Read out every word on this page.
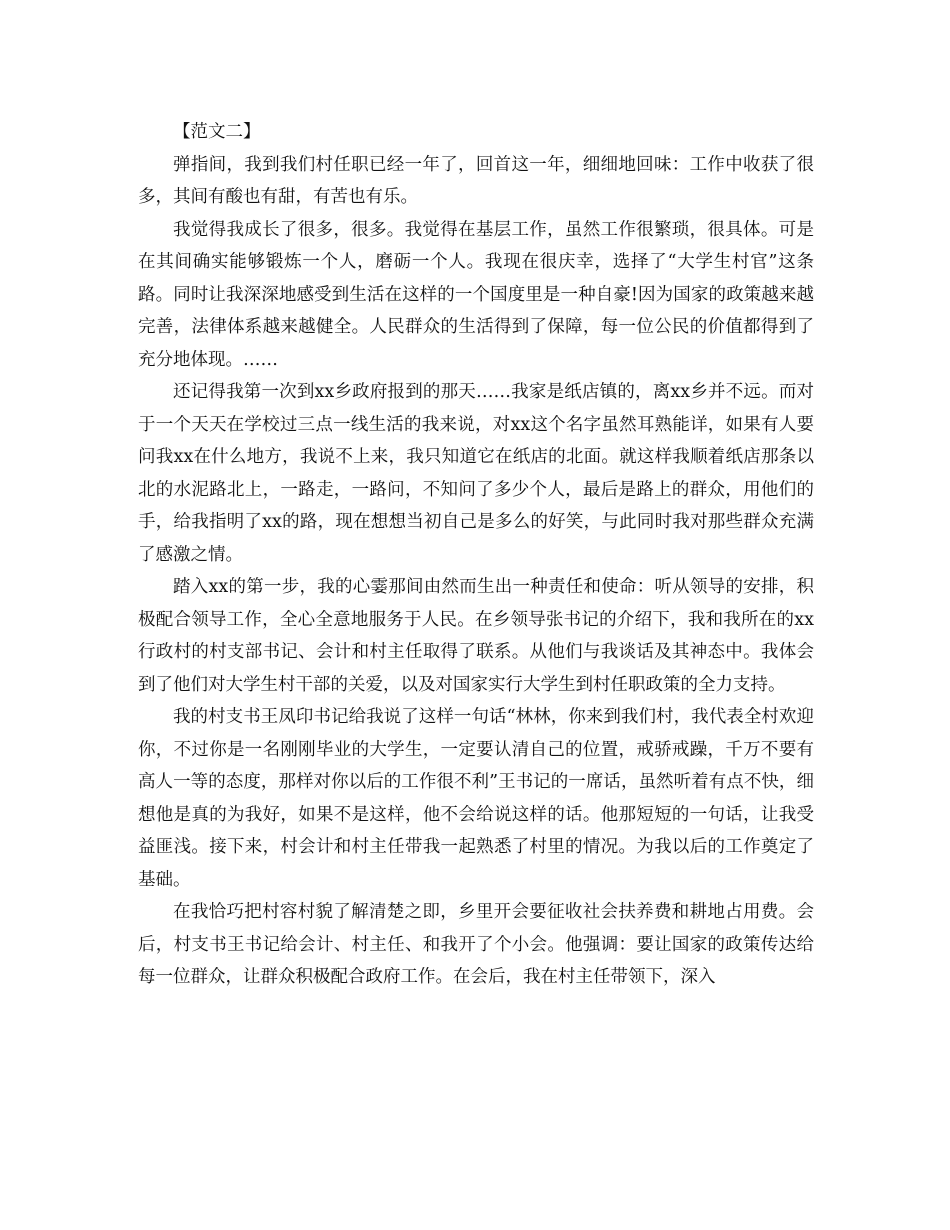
【范文二】

弹指间，我到我们村任职已经一年了，回首这一年，细细地回味：工作中收获了很多，其间有酸也有甜，有苦也有乐。

我觉得我成长了很多，很多。我觉得在基层工作，虽然工作很繁琐，很具体。可是在其间确实能够锻炼一个人，磨砺一个人。我现在很庆幸，选择了“大学生村官”这条路。同时让我深深地感受到生活在这样的一个国度里是一种自豪!因为国家的政策越来越完善，法律体系越来越健全。人民群众的生活得到了保障，每一位公民的价值都得到了充分地体现。……

还记得我第一次到xx乡政府报到的那天……我家是纸店镇的，离xx乡并不远。而对于一个天天在学校过三点一线生活的我来说，对xx这个名字虽然耳熟能详，如果有人要问我xx在什么地方，我说不上来，我只知道它在纸店的北面。就这样我顺着纸店那条以北的水泥路北上，一路走，一路问，不知问了多少个人，最后是路上的群众，用他们的手，给我指明了xx的路，现在想想当初自己是多么的好笑，与此同时我对那些群众充满了感激之情。

踏入xx的第一步，我的心霎那间由然而生出一种责任和使命：听从领导的安排，积极配合领导工作，全心全意地服务于人民。在乡领导张书记的介绍下，我和我所在的xx行政村的村支部书记、会计和村主任取得了联系。从他们与我谈话及其神态中。我体会到了他们对大学生村干部的关爱，以及对国家实行大学生到村任职政策的全力支持。

我的村支书王凤印书记给我说了这样一句话“林林，你来到我们村，我代表全村欢迎你，不过你是一名刚刚毕业的大学生，一定要认清自己的位置，戒骄戒躁，千万不要有高人一等的态度，那样对你以后的工作很不利”王书记的一席话，虽然听着有点不快，细想他是真的为我好，如果不是这样，他不会给说这样的话。他那短短的一句话，让我受益匪浅。接下来，村会计和村主任带我一起熟悉了村里的情况。为我以后的工作奠定了基础。

在我恰巧把村容村貌了解清楚之即，乡里开会要征收社会扶养费和耕地占用费。会后，村支书王书记给会计、村主任、和我开了个小会。他强调：要让国家的政策传达给每一位群众，让群众积极配合政府工作。在会后，我在村主任带领下，深入
